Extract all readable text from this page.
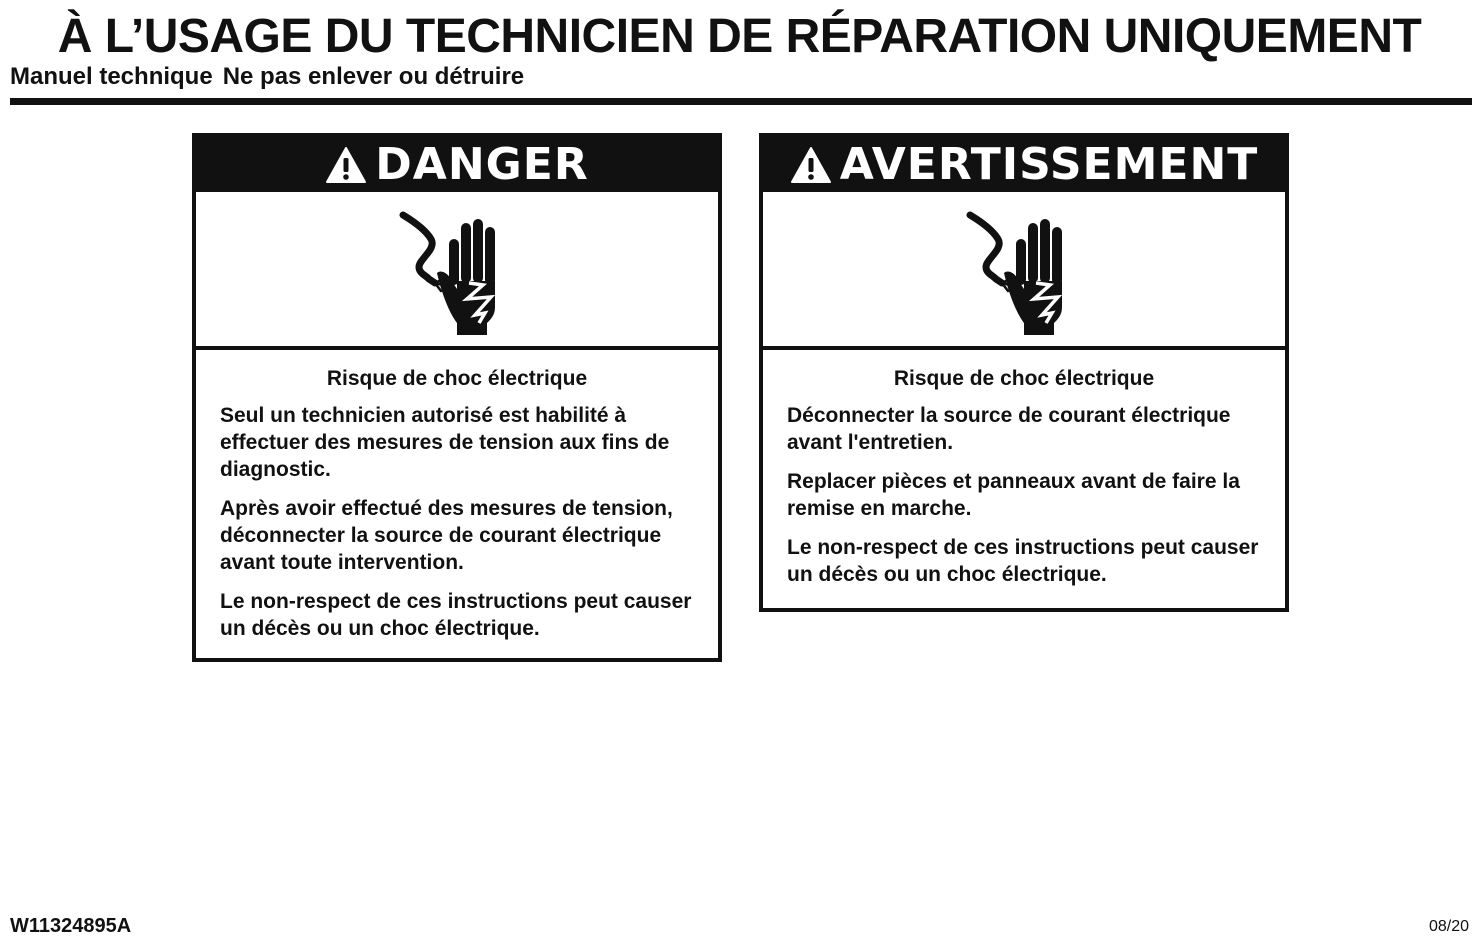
À L’USAGE DU TECHNICIEN DE RÉPARATION UNIQUEMENT
Manuel technique Ne pas enlever ou détruire
DANGER
Risque de choc électrique

Seul un technicien autorisé est habilité à effectuer des mesures de tension aux fins de diagnostic.

Après avoir effectué des mesures de tension, déconnecter la source de courant électrique avant toute intervention.

Le non-respect de ces instructions peut causer un décès ou un choc électrique.

AVERTISSEMENT
Risque de choc électrique

Déconnecter la source de courant électrique avant l'entretien.

Replacer pièces et panneaux avant de faire la remise en marche.

Le non-respect de ces instructions peut causer un décès ou un choc électrique.

W11324895A	08/20
